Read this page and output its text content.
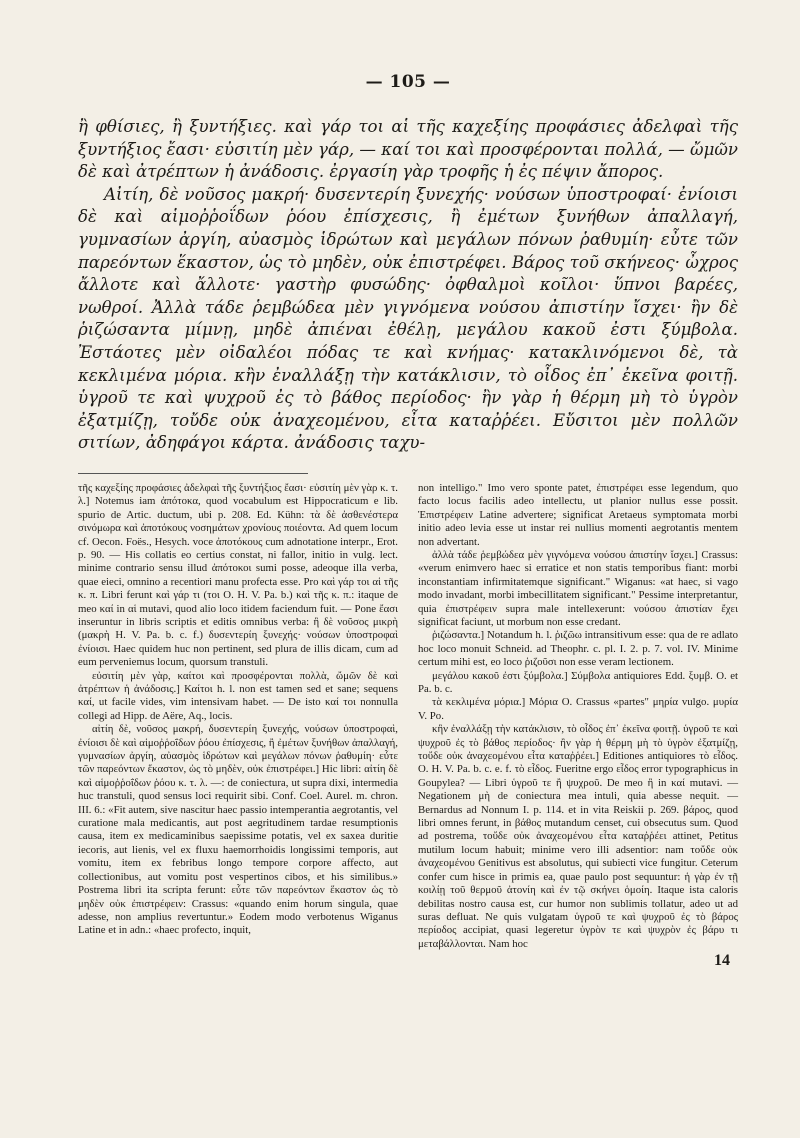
— 105 —

ἢ φθίσιες, ἢ ξυντήξιες. καὶ γάρ τοι αἱ τῆς καχεξίης προφάσιες ἀδελφαὶ τῆς ξυντήξιος ἔασι· εὐσιτίη μὲν γάρ, — καί τοι καὶ προσφέρονται πολλά, — ὤμῶν δὲ καὶ ἀτρέπτων ἡ ἀνάδοσις. ἐργασίη γὰρ τροφῆς ἡ ἐς πέψιν ἄπορος.

Αἰτίη, δὲ νοῦσος μακρή· δυσεντερίη ξυνεχής· νούσων ὑποστροφαί· ἐνίοισι δὲ καὶ αἱμοῤῥοΐδων ῥόου ἐπίσχεσις, ἢ ἐμέτων ξυνήθων ἀπαλλαγή, γυμνασίων ἀργίη, αὐασμὸς ἱδρώτων καὶ μεγάλων πόνων ῥαθυμίη· εὖτε τῶν παρεόντων ἕκαστον, ὡς τὸ μηδὲν, οὐκ ἐπιστρέφει. Βάρος τοῦ σκήνεος· ὦχρος ἄλλοτε καὶ ἄλλοτε· γαστὴρ φυσώδης· ὀφθαλμοὶ κοῖλοι· ὕπνοι βαρέες, νωθροί. Ἀλλὰ τάδε ῥεμβώδεα μὲν γιγνόμενα νούσου ἀπιστίην ἴσχει· ἢν δὲ ῥιζώσαντα μίμνῃ, μηδὲ ἀπιέναι ἐθέλῃ, μεγάλου κακοῦ ἐστι ξύμβολα. Ἐστάοτες μὲν οἰδαλέοι πόδας τε καὶ κνήμας· κατακλινόμενοι δὲ, τὰ κεκλιμένα μόρια. κἢν ἐναλλάξῃ τὴν κατάκλισιν, τὸ οἶδος ἐπ᾽ ἐκεῖνα φοιτῇ. ὑγροῦ τε καὶ ψυχροῦ ἐς τὸ βάθος περίοδος· ἢν γὰρ ἡ θέρμη μὴ τὸ ὑγρὸν ἐξατμίζῃ, τοὔδε οὐκ ἀναχεομένου, εἶτα καταῤῥέει. Εὔσιτοι μὲν πολλῶν σιτίων, ἀδηφάγοι κάρτα. ἀνάδοσις ταχυ-

τῆς καχεξίης προφάσιες ἀδελφαὶ τῆς ξυντήξιος ἔασι· εὐσιτίη μὲν γὰρ κ. τ. λ.] Notemus iam ἀπότοκα, quod vocabulum est Hippocraticum e lib. spurio de Artic. ductum, ubi p. 208. Ed. Kühn: τὰ δὲ ἀσθενέστερα σινόμωρα καὶ ἀποτόκους νοσημάτων χρονίους ποιέοντα. Ad quem locum cf. Oecon. Foës., Hesych. voce ἀποτόκους cum adnotatione interpr., Erot. p. 90. — His collatis eo certius constat, ni fallor, initio in vulg. lect. minime contrario sensu illud ἀπότοκοι sumi posse, adeoque illa verba, quae eieci, omnino a recentiori manu profecta esse. Pro καὶ γάρ τοι αἱ τῆς κ. π. Libri ferunt καὶ γάρ τι (τοι O. H. V. Pa. b.) καὶ τῆς κ. π.: itaque de meo καί in αἱ mutavi, quod alio loco itidem faciendum fuit. — Pone ἔασι inseruntur in libris scriptis et editis omnibus verba: ἢ δὲ νοῦσος μικρὴ (μακρὴ H. V. Pa. b. c. f.) δυσεντερίη ξυνεχής· νούσων ὑποστροφαὶ ἐνίοισι. Haec quidem huc non pertinent, sed plura de illis dicam, cum ad eum perveniemus locum, quorsum transtuli.

εὐσιτίη μὲν γὰρ, καίτοι καὶ προσφέρονται πολλὰ, ὤμῶν δὲ καὶ ἀτρέπτων ἡ ἀνάδοσις.] Καίτοι h. l. non est tamen sed et sane; sequens καί, ut facile vides, vim intensivam habet. — De isto καί τοι nonnulla collegi ad Hipp. de Aëre, Aq., locis.

αἰτίη δὲ, νοῦσος μακρή, δυσεντερίη ξυνεχής, νούσων ὑποστροφαὶ, ἐνίοισι δὲ καὶ αἱμοῤῥοΐδων ῥόου ἐπίσχεσις, ἢ ἐμέτων ξυνήθων ἀπαλλαγή, γυμνασίων ἀργίη, αὐασμὸς ἱδρώτων καὶ μεγάλων πόνων ῥαθυμίη· εὖτε τῶν παρεόντων ἕκαστον, ὡς τὸ μηδὲν, οὐκ ἐπιστρέφει.] Hic libri: αἰτίη δὲ καὶ αἱμοῤῥοΐδων ῥόου κ. τ. λ. —: de coniectura, ut supra dixi, intermedia huc transtuli, quod sensus loci requirit sibi. Conf. Coel. Aurel. m. chron. III. 6.: «Fit autem, sive nascitur haec passio intemperantia aegrotantis, vel curatione mala medicantis, aut post aegritudinem tardae resumptionis causa, item ex medicaminibus saepissime potatis, vel ex saxea duritie iecoris, aut lienis, vel ex fluxu haemorrhoidis longissimi temporis, aut vomitu, item ex febribus longo tempore corpore affecto, aut collectionibus, aut vomitu post vespertinos cibos, et his similibus.» Postrema libri ita scripta ferunt: εὖτε τῶν παρεόντων ἕκαστον ὡς τὸ μηδὲν οὐκ ἐπιστρέφειν: Crassus: «quando enim horum singula, quae adesse, non amplius revertuntur.» Eodem modo verbotenus Wiganus Latine et in adn.: «haec profecto, inquit,

non intelligo." Imo vero sponte patet, ἐπιστρέφει esse legendum, quo facto locus facilis adeo intellectu, ut planior nullus esse possit. Ἐπιστρέφειν Latine advertere; significat Aretaeus symptomata morbi initio adeo levia esse ut instar rei nullius momenti aegrotantis mentem non advertant.

ἀλλὰ τάδε ῥεμβώδεα μὲν γιγνόμενα νούσου ἀπιστίην ἴσχει.] Crassus: «verum enimvero haec si erratice et non statis temporibus fiant: morbi inconstantiam infirmitatemque significant." Wiganus: «at haec, si vago modo invadant, morbi imbecillitatem significant." Pessime interpretantur, quia ἐπιστρέφειν supra male intellexerunt: νούσου ἀπιστίαν ἔχει significat faciunt, ut morbum non esse credant.

ῥιζώσαντα.] Notandum h. l. ῥιζῶω intransitivum esse: qua de re adlato hoc loco monuit Schneid. ad Theophr. c. pl. I. 2. p. 7. vol. IV. Minime certum mihi est, eo loco ῥιζοῦσι non esse veram lectionem.

μεγάλου κακοῦ ἐστι ξύμβολα.] Σύμβολα antiquiores Edd. ξυμβ. O. et Pa. b. c.

τὰ κεκλιμένα μόρια.] Μόρια O. Crassus «partes" μηρία vulgo. μυρία V. Po.

κἢν ἐναλλάξῃ τὴν κατάκλισιν, τὸ οἶδος ἐπ᾽ ἐκεῖνα φοιτῇ. ὑγροῦ τε καὶ ψυχροῦ ἐς τὸ βάθος περίοδος· ἢν γὰρ ἡ θέρμη μὴ τὸ ὑγρὸν ἐξατμίζῃ, τοὔδε οὐκ ἀναχεομένου εἶτα καταῤῥέει.] Editiones antiquiores τὸ εἶδος. O. H. V. Pa. b. c. e. f. τὸ εἶδος. Fueritne ergo εἶδος error typographicus in Goupylea? — Libri ὑγροῦ τε ἢ ψυχροῦ. De meo ἢ in καί mutavi. — Negationem μὴ de coniectura mea intuli, quia abesse nequit. — Bernardus ad Nonnum I. p. 114. et in vita Reiskii p. 269. βάρος, quod libri omnes ferunt, in βάθος mutandum censet, cui obsecutus sum. Quod ad postrema, τοὔδε οὐκ ἀναχεομένου εἶτα καταῤῥέει attinet, Petitus mutilum locum habuit; minime vero illi adsentior: nam τοὔδε οὐκ ἀναχεομένου Genitivus est absolutus, qui subiecti vice fungitur. Ceterum confer cum hisce in primis ea, quae paulo post sequuntur: ἡ γὰρ ἐν τῇ κοιλίῃ τοῦ θερμοῦ ἀτονίη καὶ ἐν τῷ σκήνει ὁμοίη. Itaque ista caloris debilitas nostro causa est, cur humor non sublimis tollatur, adeo ut ad suras defluat. Ne quis vulgatam ὑγροῦ τε καὶ ψυχροῦ ἐς τὸ βάρος περίοδος accipiat, quasi legeretur ὑγρὸν τε καὶ ψυχρὸν ἐς βάρυ τι μεταβάλλονται. Nam hoc

14
